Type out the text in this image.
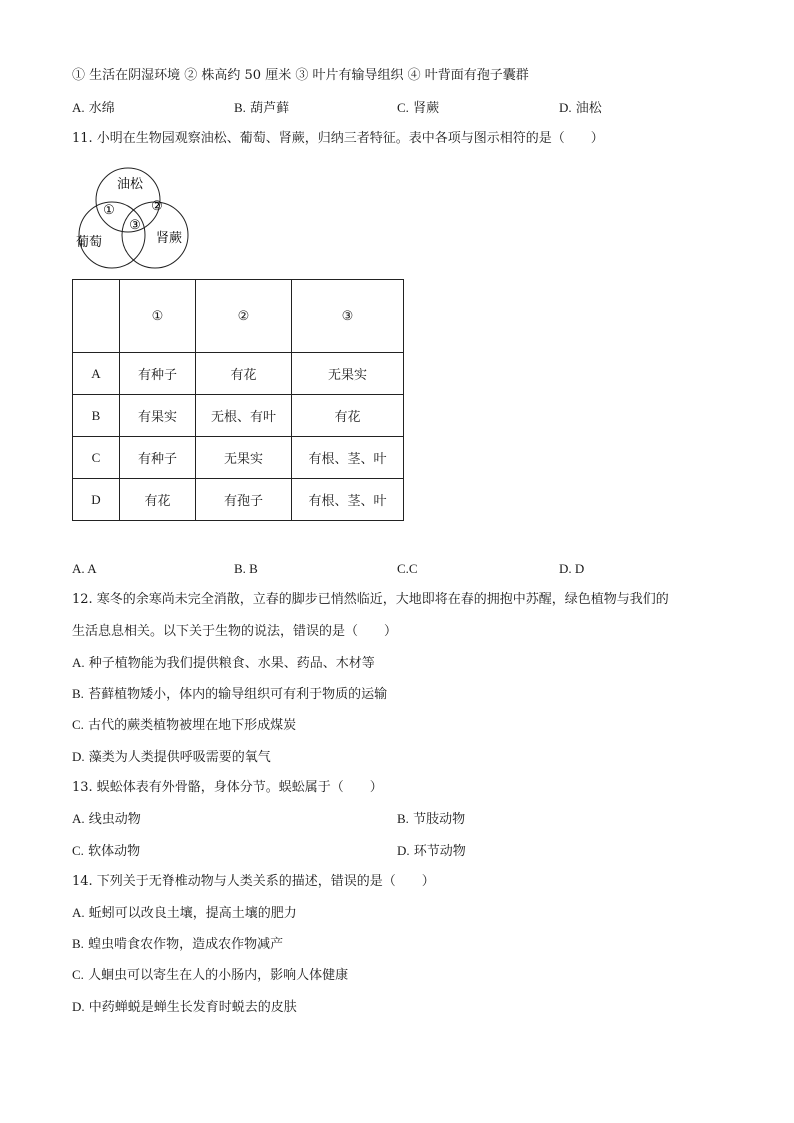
① 生活在阴湿环境 ② 株高约 50 厘米 ③ 叶片有输导组织 ④ 叶背面有孢子囊群
A. 水绵	B. 葫芦藓	C. 肾蕨	D. 油松
11. 小明在生物园观察油松、葡萄、肾蕨，归纳三者特征。表中各项与图示相符的是（　　）
油松
葡萄	肾蕨
①	②
③
	①	②	③
A	有种子	有花	无果实
B	有果实	无根、有叶	有花
C	有种子	无果实	有根、茎、叶
D	有花	有孢子	有根、茎、叶
A. A	B. B	C.C	D. D
12. 寒冬的余寒尚未完全消散，立春的脚步已悄然临近，大地即将在春的拥抱中苏醒，绿色植物与我们的
生活息息相关。以下关于生物的说法，错误的是（　　）
A. 种子植物能为我们提供粮食、水果、药品、木材等
B. 苔藓植物矮小，体内的输导组织可有利于物质的运输
C. 古代的蕨类植物被埋在地下形成煤炭
D. 藻类为人类提供呼吸需要的氧气
13. 蜈蚣体表有外骨骼，身体分节。蜈蚣属于（　　）
A. 线虫动物	B. 节肢动物
C. 软体动物	D. 环节动物
14. 下列关于无脊椎动物与人类关系的描述，错误的是（　　）
A. 蚯蚓可以改良土壤，提高土壤的肥力
B. 蝗虫啃食农作物，造成农作物减产
C. 人蛔虫可以寄生在人的小肠内，影响人体健康
D. 中药蝉蜕是蝉生长发育时蜕去的皮肤
